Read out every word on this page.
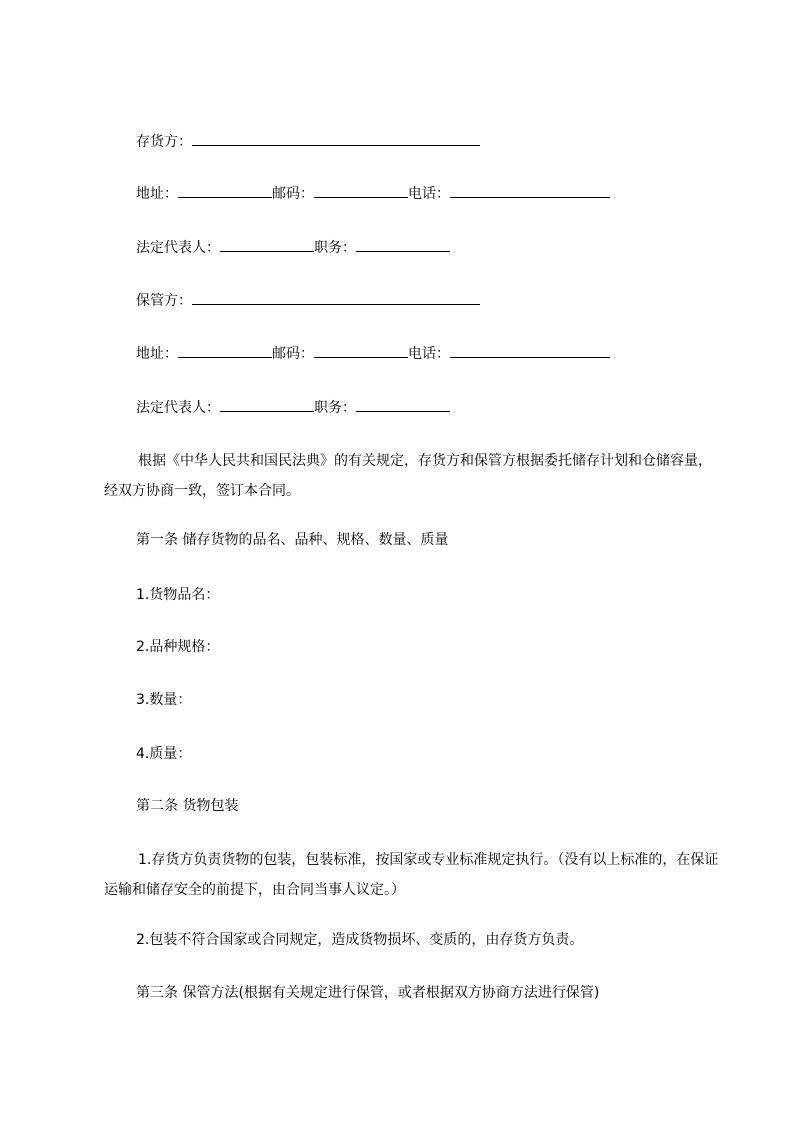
存货方：
地址：	邮码：	电话：
法定代表人：	职务：
保管方：
地址：	邮码：	电话：
法定代表人：	职务：
根据《中华人民共和国民法典》的有关规定，存货方和保管方根据委托储存计划和仓储容量，经双方协商一致，签订本合同。
第一条 储存货物的品名、品种、规格、数量、质量
1.货物品名：
2.品种规格：
3.数量：
4.质量：
第二条 货物包装
1.存货方负责货物的包装，包装标准，按国家或专业标准规定执行。（没有以上标准的，在保证运输和储存安全的前提下，由合同当事人议定。）
2.包装不符合国家或合同规定，造成货物损坏、变质的，由存货方负责。
第三条 保管方法(根据有关规定进行保管，或者根据双方协商方法进行保管)
